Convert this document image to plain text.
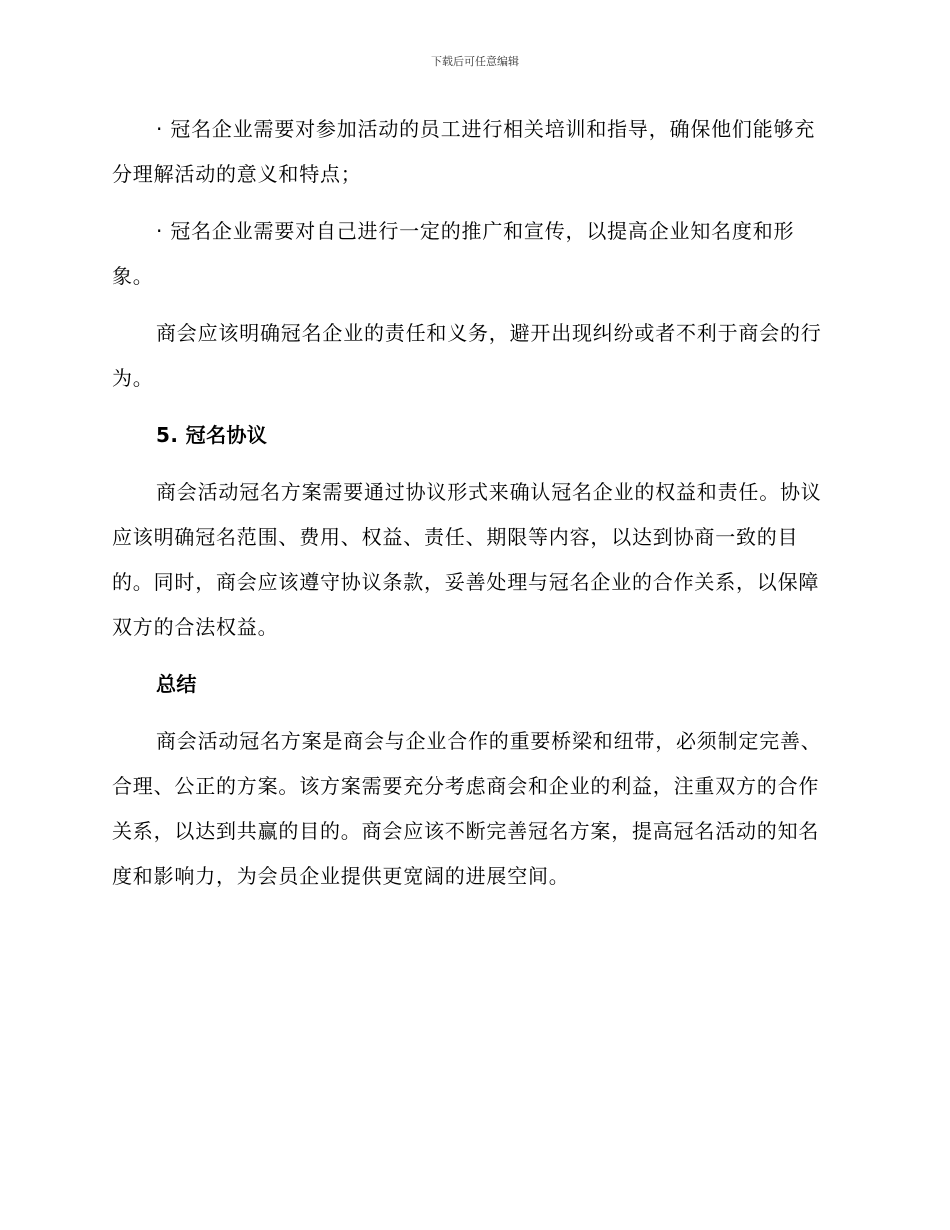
下载后可任意编辑

· 冠名企业需要对参加活动的员工进行相关培训和指导，确保他们能够充分理解活动的意义和特点；

· 冠名企业需要对自己进行一定的推广和宣传，以提高企业知名度和形象。

商会应该明确冠名企业的责任和义务，避开出现纠纷或者不利于商会的行为。

5. 冠名协议

商会活动冠名方案需要通过协议形式来确认冠名企业的权益和责任。协议应该明确冠名范围、费用、权益、责任、期限等内容，以达到协商一致的目的。同时，商会应该遵守协议条款，妥善处理与冠名企业的合作关系，以保障双方的合法权益。

总结

商会活动冠名方案是商会与企业合作的重要桥梁和纽带，必须制定完善、合理、公正的方案。该方案需要充分考虑商会和企业的利益，注重双方的合作关系，以达到共赢的目的。商会应该不断完善冠名方案，提高冠名活动的知名度和影响力，为会员企业提供更宽阔的进展空间。
